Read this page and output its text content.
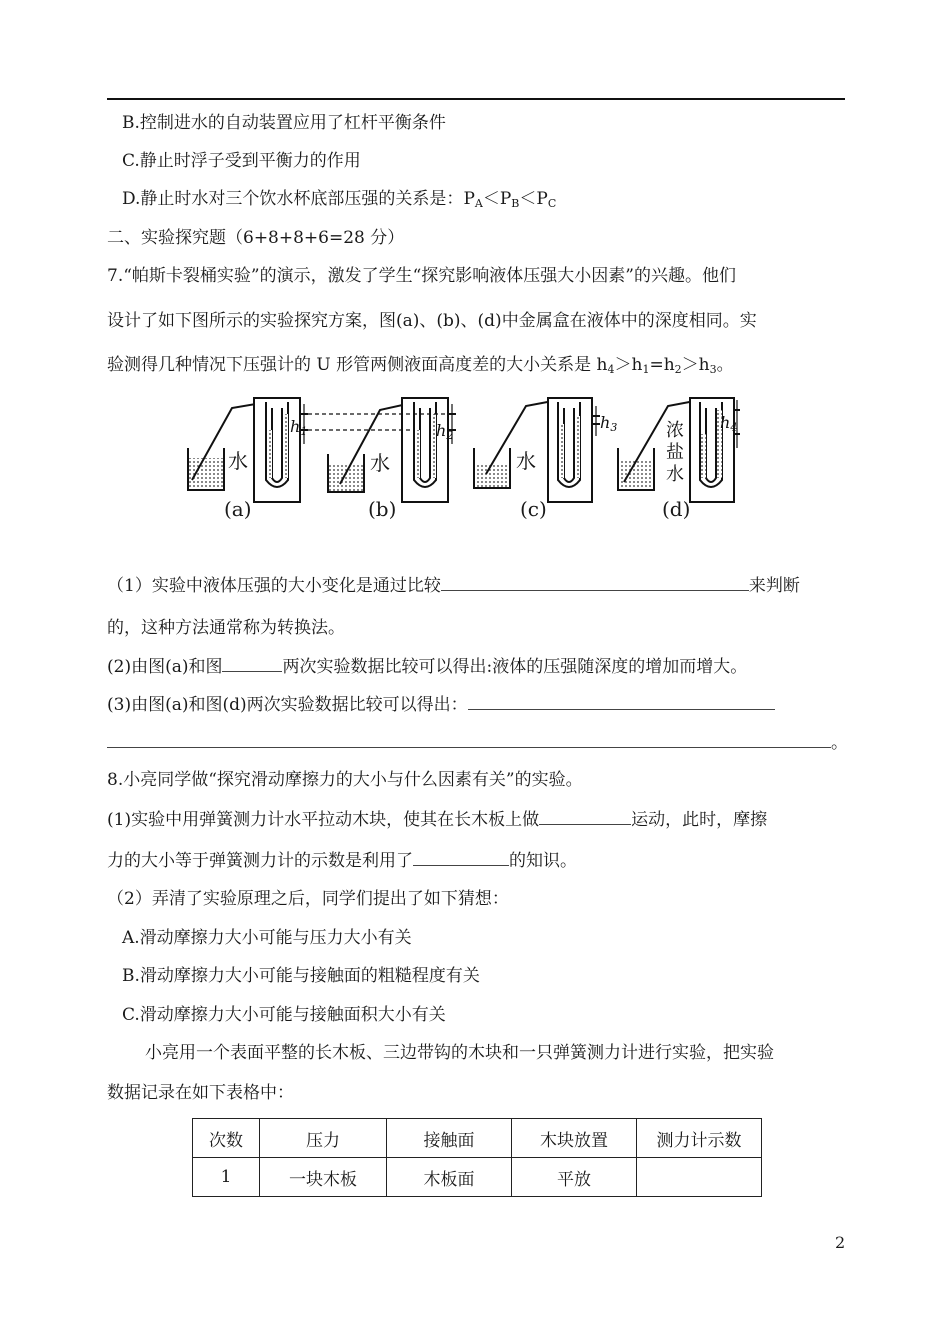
B.控制进水的自动装置应用了杠杆平衡条件
C.静止时浮子受到平衡力的作用
D.静止时水对三个饮水杯底部压强的关系是：$P_A<P_B<P_C$
二、实验探究题（6+8+8+6=28 分）
7.“帕斯卡裂桶实验”的演示，激发了学生“探究影响液体压强大小因素”的兴趣。他们
设计了如下图所示的实验探究方案，图(a)、(b)、(d)中金属盒在液体中的深度相同。实
验测得几种情况下压强计的 U 形管两侧液面高度差的大小关系是 $h_4>h_1=h_2>h_3$。
水	水	水
浓
盐
水
h1	h2
h3	h4
(a)	(b)	(c)	(d)
（1）实验中液体压强的大小变化是通过比较	来判断
的，这种方法通常称为转换法。
(2)由图(a)和图	两次实验数据比较可以得出:液体的压强随深度的增加而增大。
(3)由图(a)和图(d)两次实验数据比较可以得出：
。
8.小亮同学做“探究滑动摩擦力的大小与什么因素有关”的实验。
(1)实验中用弹簧测力计水平拉动木块，使其在长木板上做	运动，此时，摩擦
力的大小等于弹簧测力计的示数是利用了	的知识。
（2）弄清了实验原理之后，同学们提出了如下猜想：
A.滑动摩擦力大小可能与压力大小有关
B.滑动摩擦力大小可能与接触面的粗糙程度有关
C.滑动摩擦力大小可能与接触面积大小有关
小亮用一个表面平整的长木板、三边带钩的木块和一只弹簧测力计进行实验，把实验
数据记录在如下表格中：
次数	压力	接触面	木块放置	测力计示数
1	一块木板	木板面	平放	
2
